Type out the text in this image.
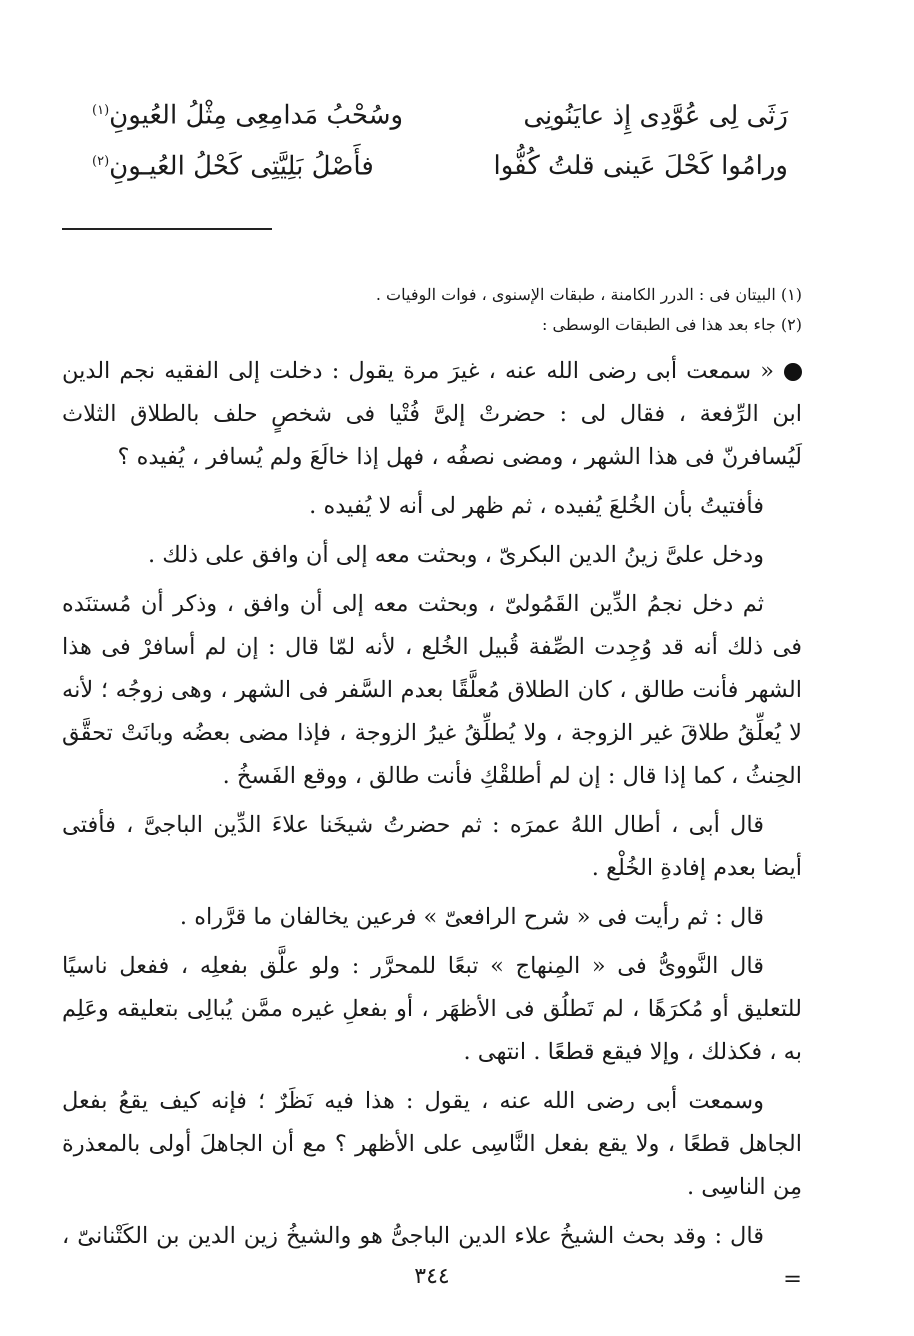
رَثَى لِى عُوَّدِى إِذ عايَنُونِى
وسُحْبُ مَدامِعِى مِثْلُ العُيونِ$^{(١)}$
ورامُوا كَحْلَ عَينى قلتُ كُفُّوا
فأَصْلُ بَلِيَّتِى كَحْلُ العُيـونِ$^{(٢)}$

(١) البيتان فى : الدرر الكامنة ، طبقات الإسنوى ، فوات الوفيات .

(٢) جاء بعد هذا فى الطبقات الوسطى :

« سمعت أبى رضى الله عنه ، غيرَ مرة يقول : دخلت إلى الفقيه نجم الدين ابن الرِّفعة ، فقال لى : حضرتْ إلىَّ فُتْيا فى شخصٍ حلف بالطلاق الثلاث لَيُسافرنّ فى هذا الشهر ، ومضى نصفُه ، فهل إذا خالَعَ ولم يُسافر ، يُفيده ؟

فأفتيتُ بأن الخُلعَ يُفيده ، ثم ظهر لى أنه لا يُفيده .

ودخل علىَّ زينُ الدين البكرىّ ، وبحثت معه إلى أن وافق على ذلك .

ثم دخل نجمُ الدِّين القَمُولىّ ، وبحثت معه إلى أن وافق ، وذكر أن مُستنَده فى ذلك أنه قد وُجِدت الصِّفة قُبيل الخُلع ، لأنه لمّا قال : إن لم أسافرْ فى هذا الشهر فأنت طالق ، كان الطلاق مُعلَّقًا بعدم السَّفر فى الشهر ، وهى زوجُه ؛ لأنه لا يُعلِّقُ طلاقَ غير الزوجة ، ولا يُطلِّقُ غيرُ الزوجة ، فإذا مضى بعضُه وبانَتْ تحقَّق الحِنثُ ، كما إذا قال : إن لم أطلقْكِ فأنت طالق ، ووقع الفَسخُ .

قال أبى ، أطال اللهُ عمرَه : ثم حضرتُ شيخَنا علاءَ الدِّين الباجىَّ ، فأفتى أيضا بعدم إفادةِ الخُلْع .

قال : ثم رأيت فى « شرح الرافعىّ » فرعين يخالفان ما قرَّراه .

قال النَّووىُّ فى « المِنهاج » تبعًا للمحرَّر : ولو علَّق بفعلِه ، ففعل ناسيًا للتعليق أو مُكرَهًا ، لم تَطلُق فى الأظهَر ، أو بفعلِ غيره ممَّن يُبالِى بتعليقه وعَلِم به ، فكذلك ، وإلا فيقع قطعًا . انتهى .

وسمعت أبى رضى الله عنه ، يقول : هذا فيه نَظَرٌ ؛ فإنه كيف يقعُ بفعل الجاهل قطعًا ، ولا يقع بفعل النَّاسِى على الأظهر ؟ مع أن الجاهلَ أولى بالمعذرة مِن الناسِى .

قال : وقد بحث الشيخُ علاء الدين الباجىُّ هو والشيخُ زين الدين بن الكَتْنانىّ ، =

٣٤٤
